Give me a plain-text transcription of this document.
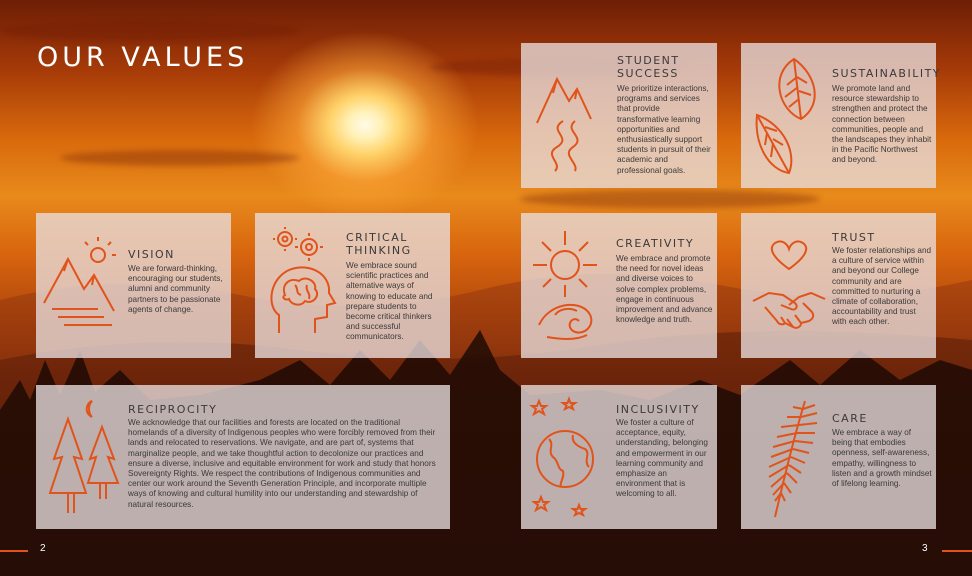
OUR VALUES	STUDENT
SUCCESS
We prioritize interactions, programs and services that provide transformative learning opportunities and enthusiastically support students in pursuit of their academic and professional goals.
SUSTAINABILITY
We promote land and resource stewardship to strengthen and protect the connection between communities, people and the landscapes they inhabit in the Pacific Northwest and beyond.
VISION
We are forward-thinking, encouraging our students, alumni and community partners to be passionate agents of change.
CRITICAL
THINKING
We embrace sound scientific practices and alternative ways of knowing to educate and prepare students to become critical thinkers and successful communicators.
CREATIVITY
We embrace and promote the need for novel ideas and diverse voices to solve complex problems, engage in continuous improvement and advance knowledge and truth.
TRUST
We foster relationships and a culture of service within and beyond our College community and are committed to nurturing a climate of collaboration, accountability and trust with each other.
RECIPROCITY
We acknowledge that our facilities and forests are located on the traditional homelands of a diversity of Indigenous peoples who were forcibly removed from their lands and relocated to reservations. We navigate, and are part of, systems that marginalize people, and we take thoughtful action to decolonize our practices and ensure a diverse, inclusive and equitable environment for work and study that honors Sovereignty Rights. We respect the contributions of Indigenous communities and center our work around the Seventh Generation Principle, and incorporate multiple ways of knowing and cultural humility into our understanding and stewardship of natural resources.
INCLUSIVITY
We foster a culture of acceptance, equity, understanding, belonging and empowerment in our learning community and emphasize an environment that is welcoming to all.
CARE
We embrace a way of being that embodies openness, self-awareness, empathy, willingness to listen and a growth mindset of lifelong learning.
2	3
